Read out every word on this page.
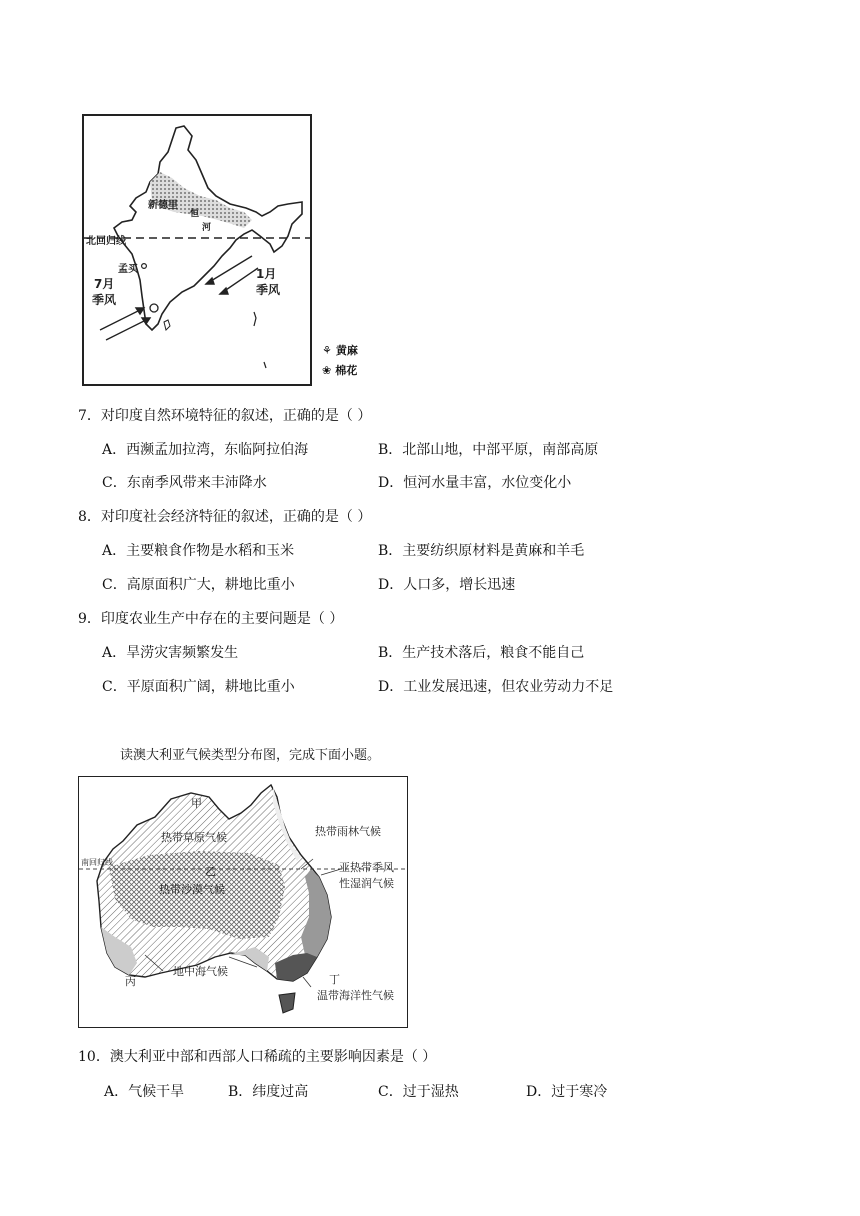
新德里
北回归线
孟买
7月
季风
1月
季风
恒
河
⚘ 黄麻
❀ 棉花
7．对印度自然环境特征的叙述，正确的是（ ）
A．西濒孟加拉湾，东临阿拉伯海	B．北部山地，中部平原，南部高原
C．东南季风带来丰沛降水	D．恒河水量丰富，水位变化小
8．对印度社会经济特征的叙述，正确的是（ ）
A．主要粮食作物是水稻和玉米	B．主要纺织原材料是黄麻和羊毛
C．高原面积广大，耕地比重小	D．人口多，增长迅速
9．印度农业生产中存在的主要问题是（ ）
A．旱涝灾害频繁发生	B．生产技术落后，粮食不能自己
C．平原面积广阔，耕地比重小	D．工业发展迅速，但农业劳动力不足
读澳大利亚气候类型分布图，完成下面小题。
甲
热带草原气候	热带雨林气候
南回归线
乙	亚热带季风
性湿润气候
热带沙漠气候
丙
地中海气候
丁
温带海洋性气候
10．澳大利亚中部和西部人口稀疏的主要影响因素是（ ）
A．气候干旱	B．纬度过高	C．过于湿热	D．过于寒冷
